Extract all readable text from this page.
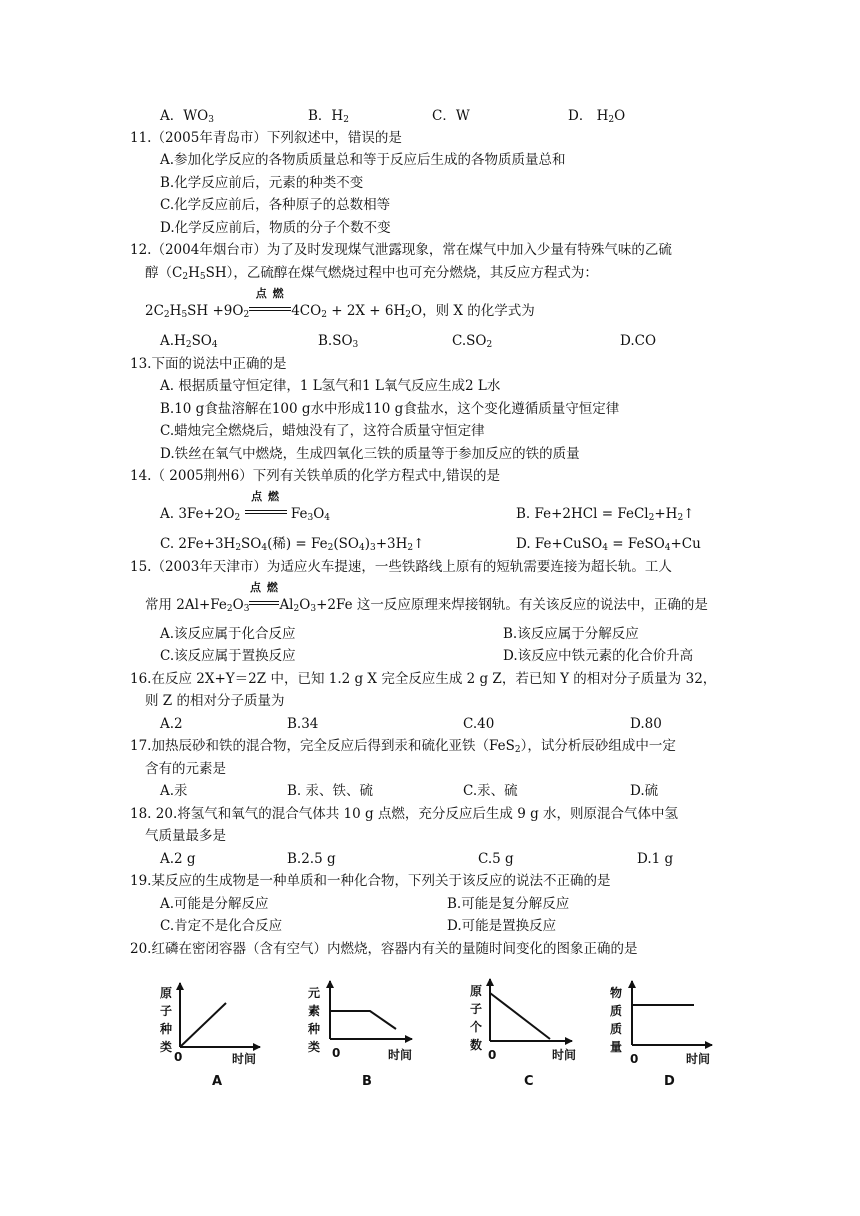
A．$WO_3$	B．$H_2$	C．W	D． $H_2O$
11.（2005年青岛市）下列叙述中，错误的是
A.参加化学反应的各物质质量总和等于反应后生成的各物质质量总和
B.化学反应前后，元素的种类不变
C.化学反应前后，各种原子的总数相等
D.化学反应前后，物质的分子个数不变
12.（2004年烟台市）为了及时发现煤气泄露现象，常在煤气中加入少量有特殊气味的乙硫
醇$(C_2H_5SH)$，乙硫醇在煤气燃烧过程中也可充分燃烧，其反应方程式为：
$2C_2H_5SH +9O_2$
点 燃
$4CO_2 + 2X + 6H_2O$，则 X 的化学式为
$A.H_2SO_4$	$B.SO_3$	$C.SO_2$	D.CO
13.下面的说法中正确的是
A. 根据质量守恒定律，1 L氢气和1 L氧气反应生成2 L水
B.10 g食盐溶解在100 g水中形成110 g食盐水，这个变化遵循质量守恒定律
C.蜡烛完全燃烧后，蜡烛没有了，这符合质量守恒定律
D.铁丝在氧气中燃烧，生成四氧化三铁的质量等于参加反应的铁的质量
14.（ 2005荆州6）下列有关铁单质的化学方程式中,错误的是
A. $3Fe+2O_2$
点 燃
$Fe_3O_4$	B. $Fe+2HCl = FeCl_2+H_2↑$
C. $2Fe+3H_2SO_4$(稀) = $Fe_2(SO_4)_3+3H_2↑$	D. Fe+CuSO$_4$ = FeSO$_4$+Cu
15.（2003年天津市）为适应火车提速，一些铁路线上原有的短轨需要连接为超长轨。工人
常用 $2Al+Fe_2O_3$
点 燃
$Al_2O_3+2Fe$ 这一反应原理来焊接钢轨。有关该反应的说法中，正确的是
A.该反应属于化合反应	B.该反应属于分解反应
C.该反应属于置换反应	D.该反应中铁元素的化合价升高
16.在反应 2X+Y＝2Z 中，已知 1.2 g X 完全反应生成 2 g Z，若已知 Y 的相对分子质量为 32，
则 Z 的相对分子质量为
A.2	B.34	C.40	D.80
17.加热辰砂和铁的混合物，完全反应后得到汞和硫化亚铁（FeS$_2$），试分析辰砂组成中一定
含有的元素是
A.汞	B. 汞、铁、硫	C.汞、硫	D.硫
18. 20.将氢气和氧气的混合气体共 10 g 点燃，充分反应后生成 9 g 水，则原混合气体中氢
气质量最多是
A.2 g	B.2.5 g	C.5 g	D.1 g
19.某反应的生成物是一种单质和一种化合物，下列关于该反应的说法不正确的是
A.可能是分解反应	B.可能是复分解反应
C.肯定不是化合反应	D.可能是置换反应
20.红磷在密闭容器（含有空气）内燃烧，容器内有关的量随时间变化的图象正确的是
原
子
种
类
0	时间
A
元
素
种
类 0	时间
B
原
子
个
数
0	时间
C
物
质
质
量
0	时间
D
